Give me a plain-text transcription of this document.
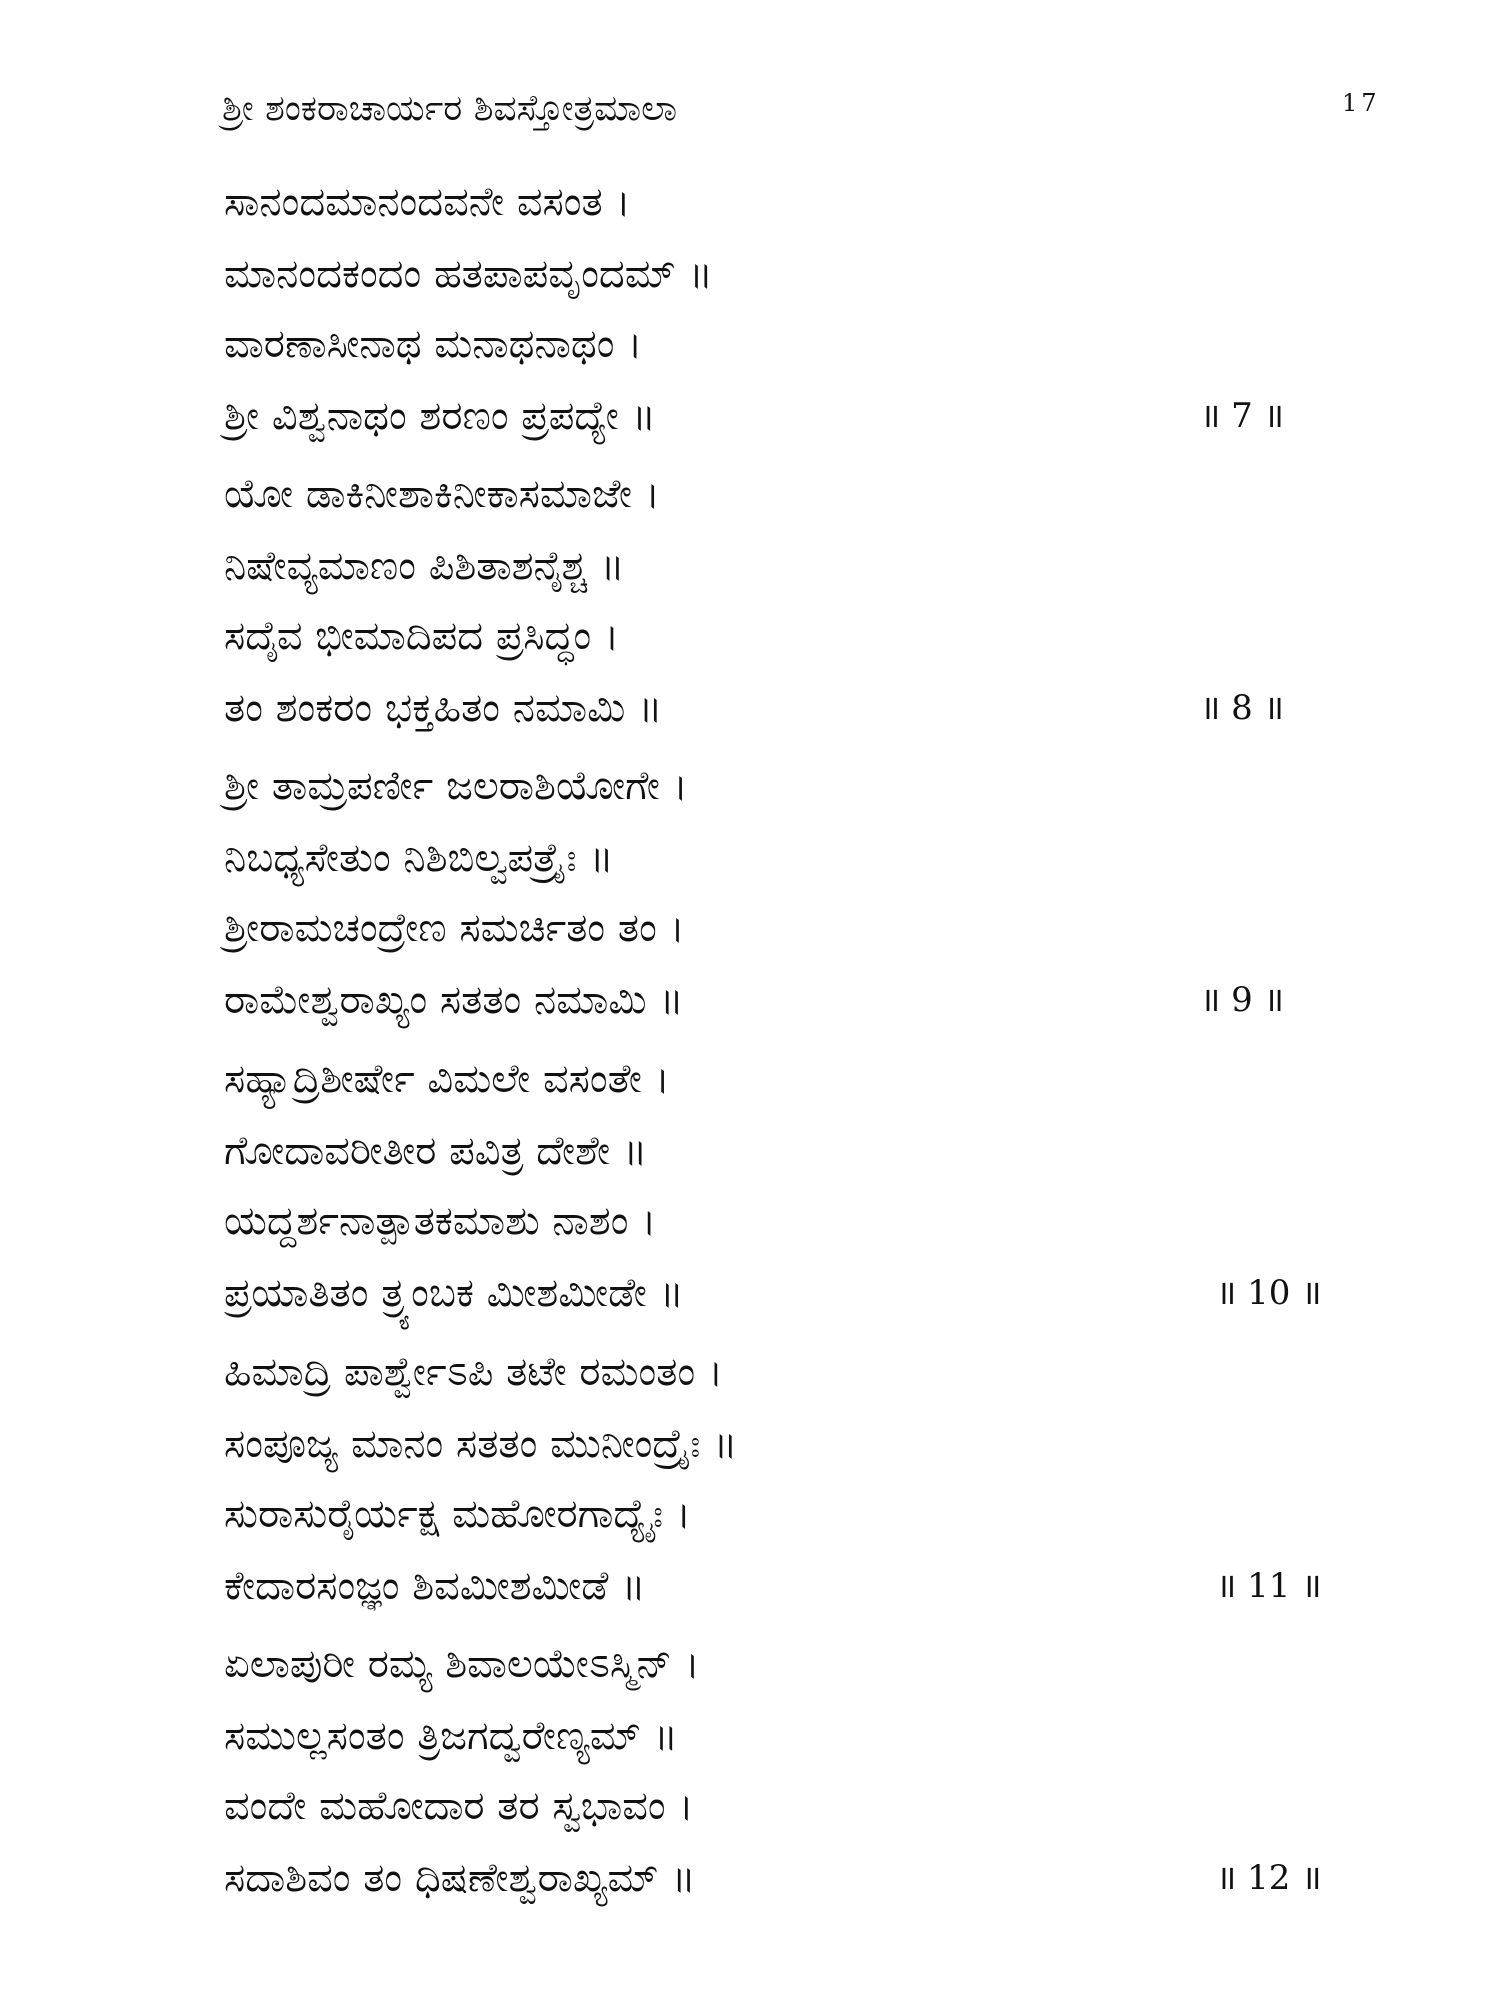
ಶ್ರೀ ಶಂಕರಾಚಾರ್ಯರ ಶಿವಸ್ತೋತ್ರಮಾಲಾ	17
ಸಾನಂದಮಾನಂದವನೇ ವಸಂತ ।
ಮಾನಂದಕಂದಂ ಹತಪಾಪವೃಂದಮ್ ॥
ವಾರಣಾಸೀನಾಥ ಮನಾಥನಾಥಂ ।
ಶ್ರೀ ವಿಶ್ವನಾಥಂ ಶರಣಂ ಪ್ರಪದ್ಯೇ ॥	॥ 7 ॥
ಯೋ ಡಾಕಿನೀಶಾಕಿನೀಕಾಸಮಾಜೇ ।
ನಿಷೇವ್ಯಮಾಣಂ ಪಿಶಿತಾಶನೈಶ್ಚ ॥
ಸದೈವ ಭೀಮಾದಿಪದ ಪ್ರಸಿದ್ಧಂ ।
ತಂ ಶಂಕರಂ ಭಕ್ತಹಿತಂ ನಮಾಮಿ ॥	॥ 8 ॥
ಶ್ರೀ ತಾಮ್ರಪರ್ಣೀ ಜಲರಾಶಿಯೋಗೇ ।
ನಿಬಧ್ಯಸೇತುಂ ನಿಶಿಬಿಲ್ವಪತ್ರೈಃ ॥
ಶ್ರೀರಾಮಚಂದ್ರೇಣ ಸಮರ್ಚಿತಂ ತಂ ।
ರಾಮೇಶ್ವರಾಖ್ಯಂ ಸತತಂ ನಮಾಮಿ ॥	॥ 9 ॥
ಸಹ್ಯಾದ್ರಿಶೀರ್ಷೇ ವಿಮಲೇ ವಸಂತೇ ।
ಗೋದಾವರೀತೀರ ಪವಿತ್ರ ದೇಶೇ ॥
ಯದ್ದರ್ಶನಾತ್ಪಾತಕಮಾಶು ನಾಶಂ ।
ಪ್ರಯಾತಿತಂ ತ್ರ್ಯಂಬಕ ಮೀಶಮೀಡೇ ॥	॥ 10 ॥
ಹಿಮಾದ್ರಿ ಪಾರ್ಶ್ವೇಽಪಿ ತಟೇ ರಮಂತಂ ।
ಸಂಪೂಜ್ಯ ಮಾನಂ ಸತತಂ ಮುನೀಂದ್ರೈಃ ॥
ಸುರಾಸುರೈರ್ಯಕ್ಷ ಮಹೋರಗಾದ್ಯೈಃ ।
ಕೇದಾರಸಂಜ್ಞಂ ಶಿವಮೀಶಮೀಡೆ ॥	॥ 11 ॥
ಏಲಾಪುರೀ ರಮ್ಯ ಶಿವಾಲಯೇಽಸ್ಮಿನ್ ।
ಸಮುಲ್ಲಸಂತಂ ತ್ರಿಜಗದ್ವರೇಣ್ಯಮ್ ॥
ವಂದೇ ಮಹೋದಾರ ತರ ಸ್ವಭಾವಂ ।
ಸದಾಶಿವಂ ತಂ ಧಿಷಣೇಶ್ವರಾಖ್ಯಮ್ ॥	॥ 12 ॥
